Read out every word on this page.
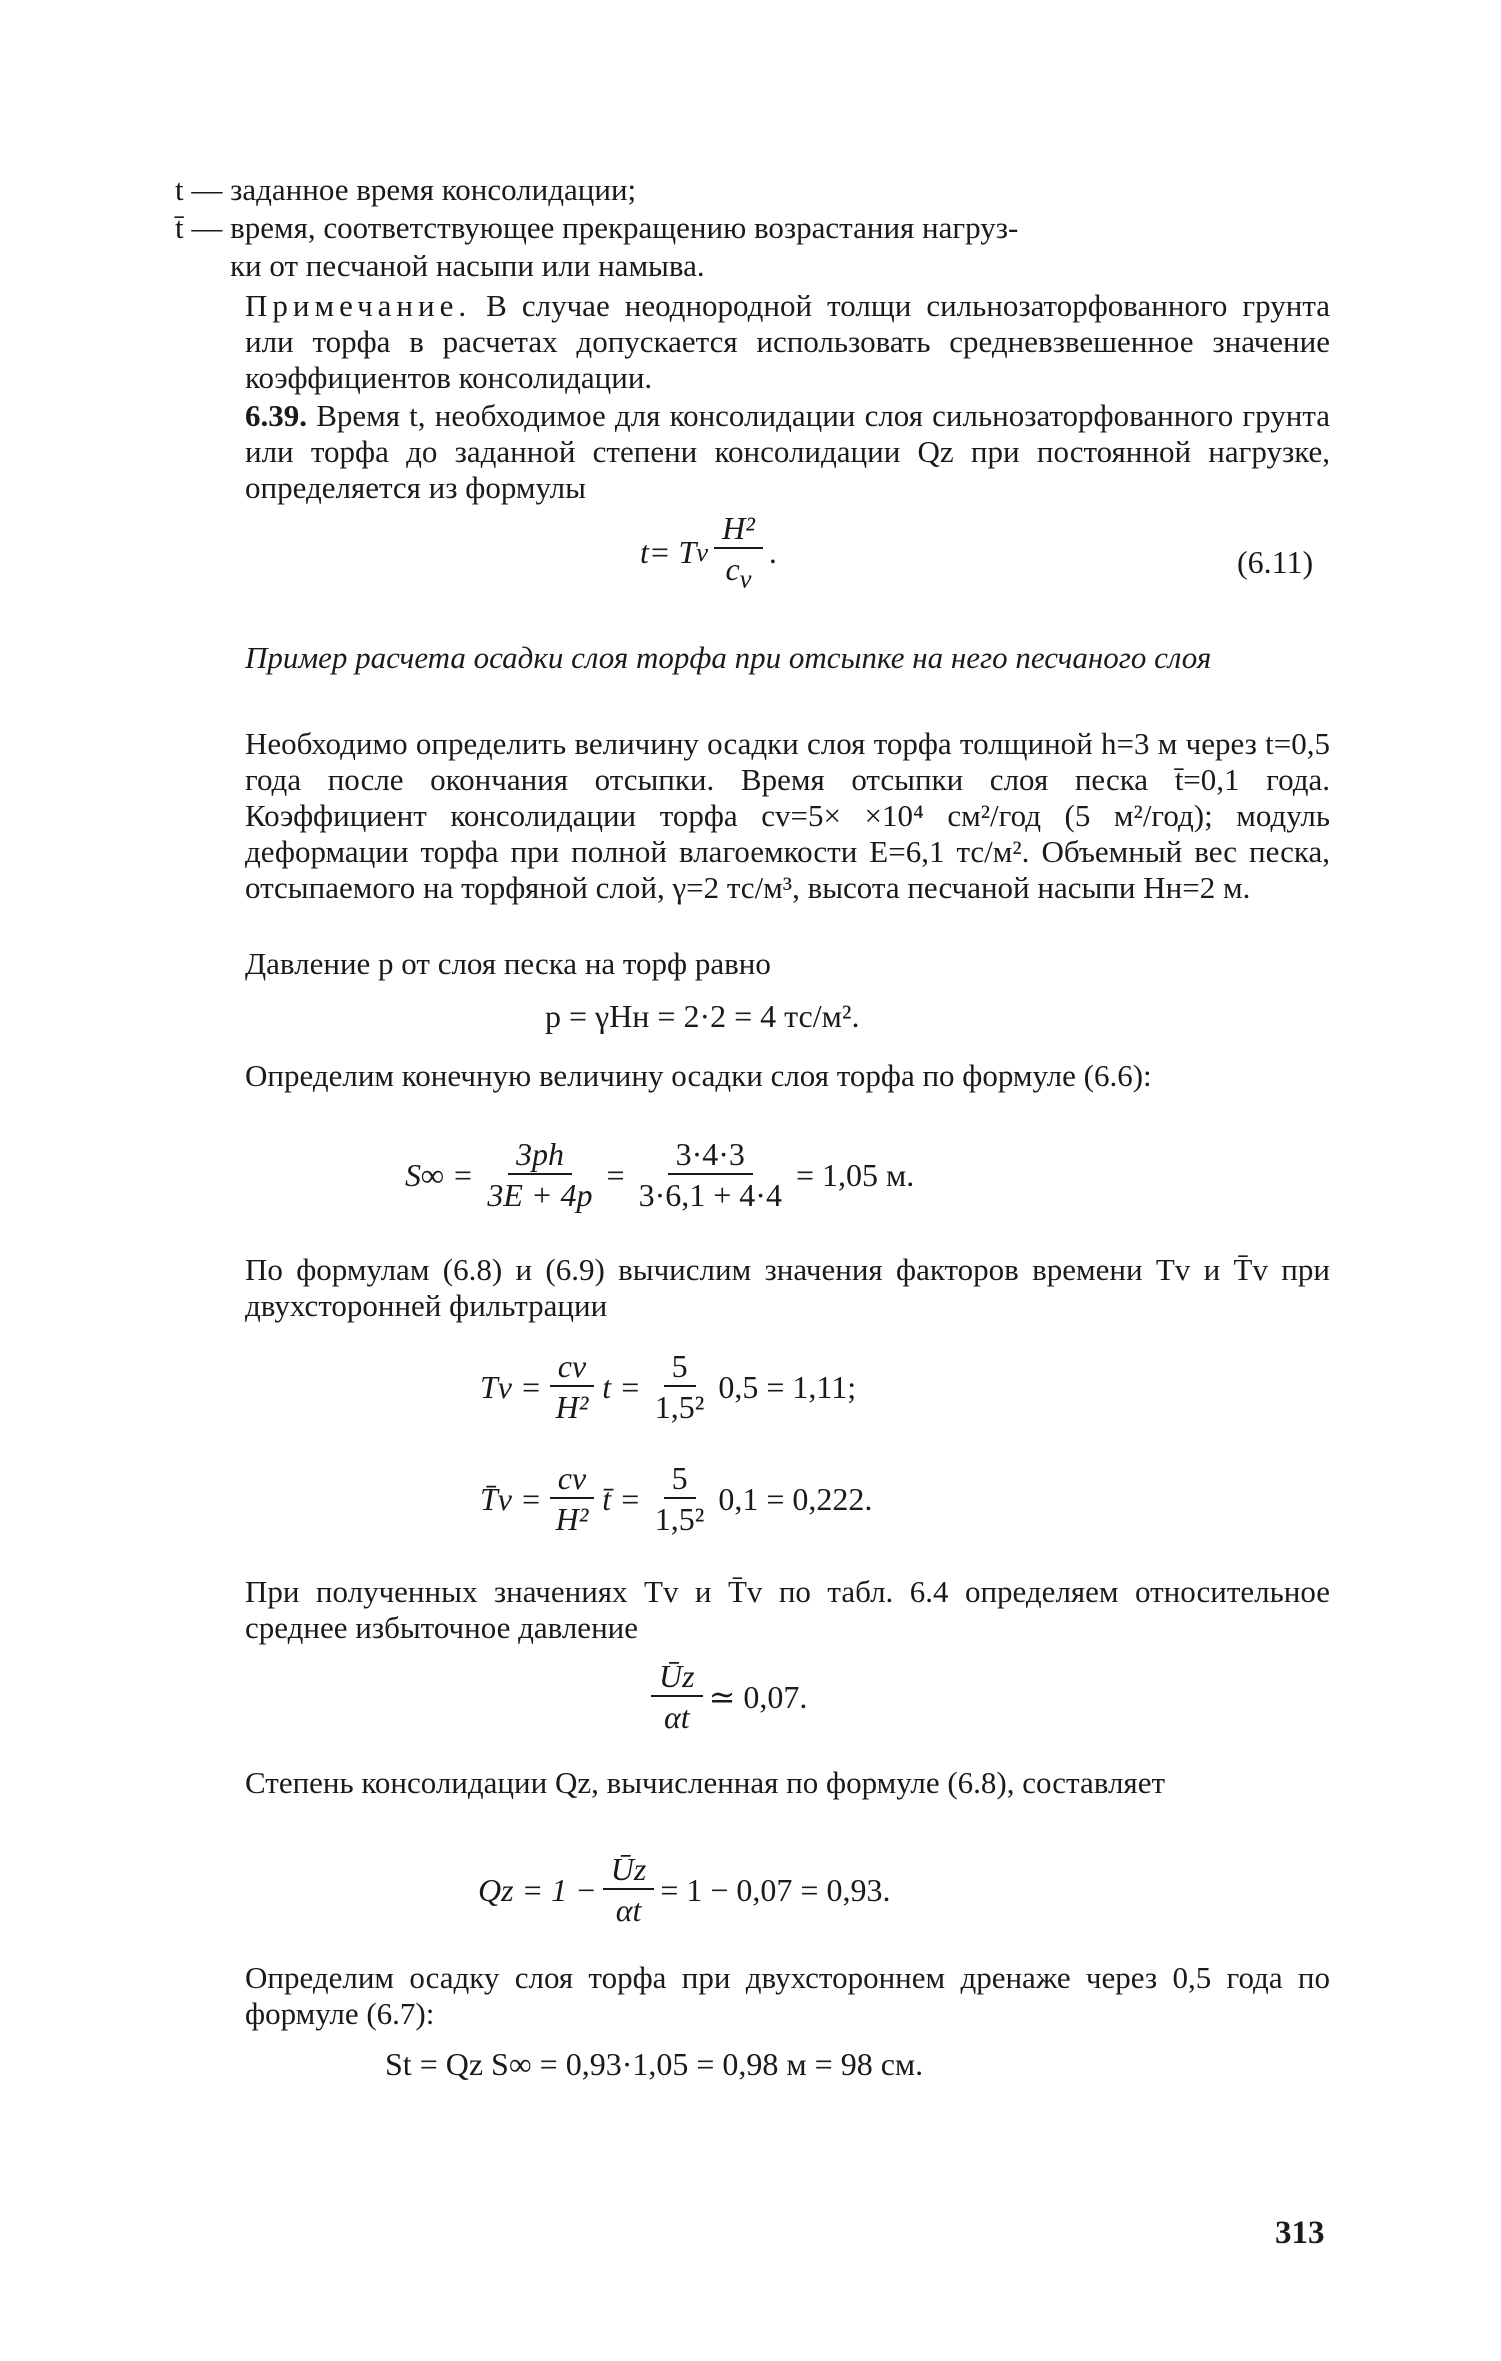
t — заданное время консолидации;
t̄ — время, соответствующее прекращению возрастания нагруз-
ки от песчаной насыпи или намыва.
Примечание. В случае неоднородной толщи сильнозаторфованного грунта или торфа в расчетах допускается использовать средневзвешенное значение коэффициентов консолидации.
6.39. Время t, необходимое для консолидации слоя сильнозаторфованного грунта или торфа до заданной степени консолидации Qz при постоянной нагрузке, определяется из формулы
t= T v $\frac{\text{H²}}{c_v}$ .	(6.11)
Пример расчета осадки слоя торфа при отсыпке на него песчаного слоя
Необходимо определить величину осадки слоя торфа толщиной h=3 м через t=0,5 года после окончания отсыпки. Время отсыпки слоя песка t̄=0,1 года. Коэффициент консолидации торфа cv=5× ×10⁴ см²/год (5 м²/год); модуль деформации торфа при полной влагоемкости E=6,1 тс/м². Объемный вес песка, отсыпаемого на торфяной слой, γ=2 тс/м³, высота песчаной насыпи Hн=2 м.
Давление p от слоя песка на торф равно
p = γHн = 2·2 = 4 тс/м².
Определим конечную величину осадки слоя торфа по формуле (6.6):
$S\infty = \frac{3ph}{3E + 4p} = \frac{3\cdot 4\cdot 3}{3\cdot 6,1 + 4\cdot 4} = 1,05$ м.
По формулам (6.8) и (6.9) вычислим значения факторов времени Tv и T̄v при двухсторонней фильтрации
$Tv = \frac{cv}{\text{H²}}$ $t = \frac{5}{\text{1,5²}} 0,5 = 1,11$;
T̄v = $\frac{cv}{\text{H²}}$ t̄ = $\frac{5}{\text{1,5²}} 0,1 = 0,222$.
При полученных значениях Tv и T̄v по табл. 6.4 определяем относительное среднее избыточное давление
$\frac{Ūz}{\alpha t}$ ≃ 0,07.
Степень консолидации Qz, вычисленная по формуле (6.8), составляет
$Qz = 1 - \frac{Ūz}{\alpha t} = 1 - 0,07 = 0,93$.
Определим осадку слоя торфа при двухстороннем дренаже через 0,5 года по формуле (6.7):
St = Qz S∞ = 0,93·1,05 = 0,98 м = 98 см.
313
